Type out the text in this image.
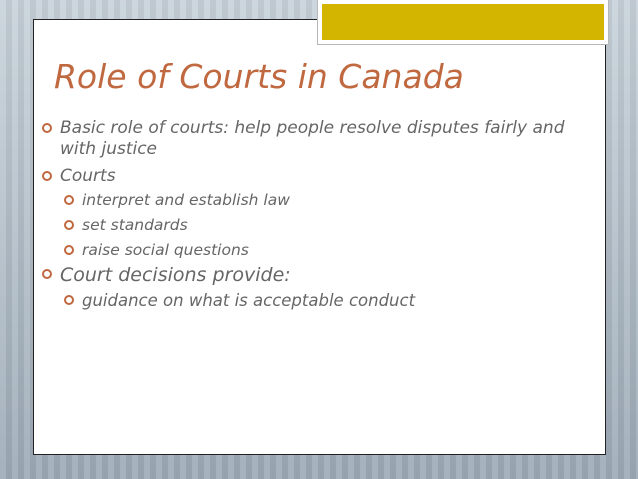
Role of Courts in Canada
Basic role of courts: help people resolve disputes fairly and with justice
Courts
interpret and establish law
set standards
raise social questions
Court decisions provide:
guidance on what is acceptable conduct
